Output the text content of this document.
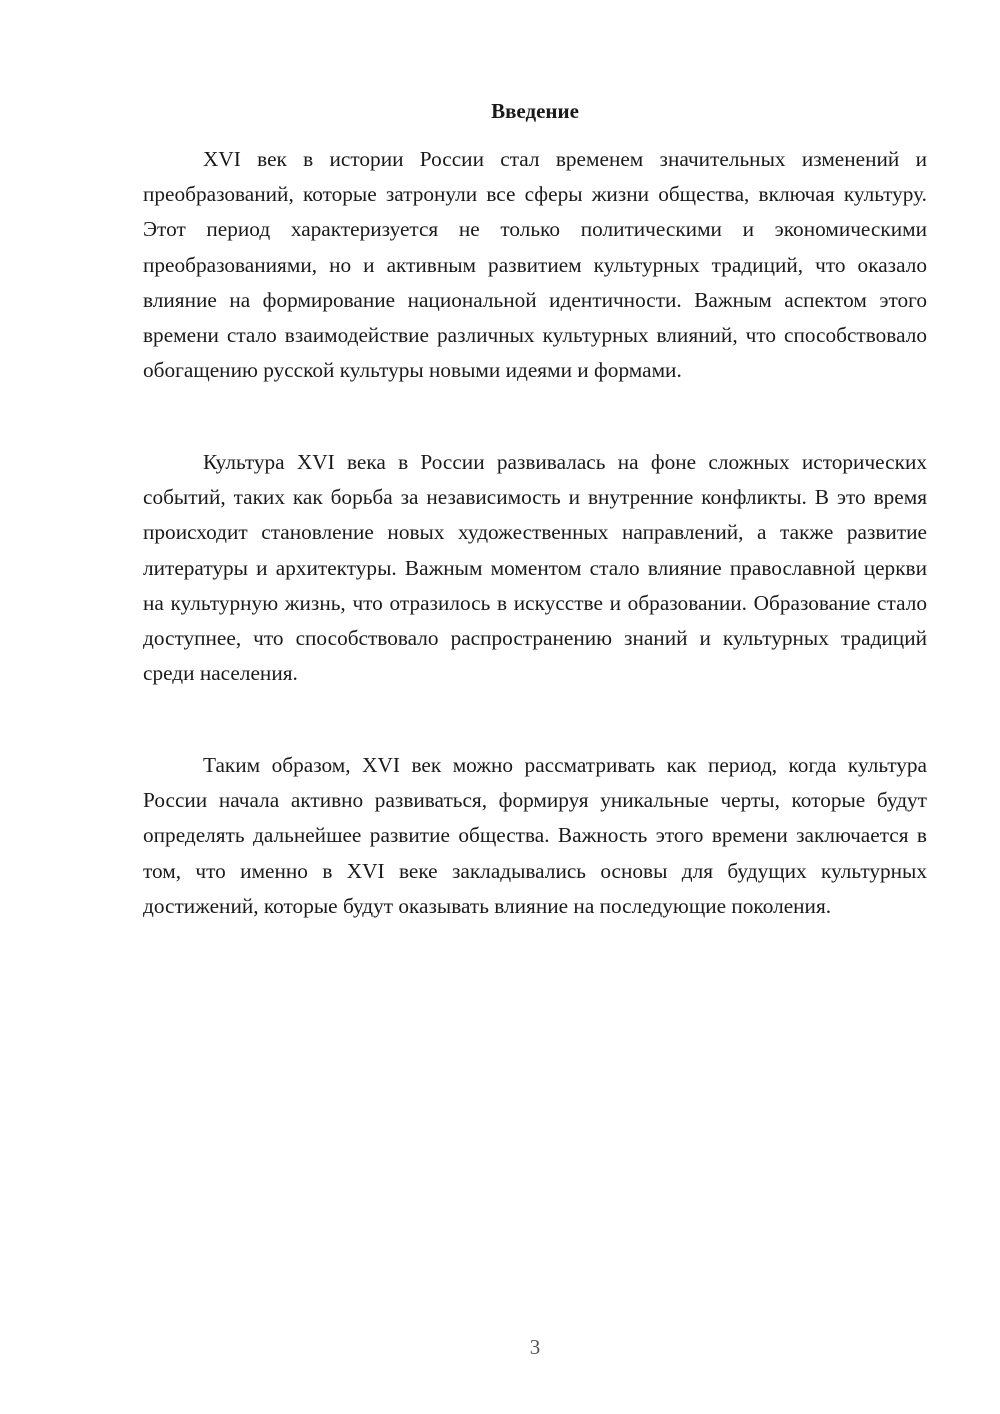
Введение

XVI век в истории России стал временем значительных изменений и преобразований, которые затронули все сферы жизни общества, включая культуру. Этот период характеризуется не только политическими и экономическими преобразованиями, но и активным развитием культурных традиций, что оказало влияние на формирование национальной идентичности. Важным аспектом этого времени стало взаимодействие различных культурных влияний, что способствовало обогащению русской культуры новыми идеями и формами.

Культура XVI века в России развивалась на фоне сложных исторических событий, таких как борьба за независимость и внутренние конфликты. В это время происходит становление новых художественных направлений, а также развитие литературы и архитектуры. Важным моментом стало влияние православной церкви на культурную жизнь, что отразилось в искусстве и образовании. Образование стало доступнее, что способствовало распространению знаний и культурных традиций среди населения.

Таким образом, XVI век можно рассматривать как период, когда культура России начала активно развиваться, формируя уникальные черты, которые будут определять дальнейшее развитие общества. Важность этого времени заключается в том, что именно в XVI веке закладывались основы для будущих культурных достижений, которые будут оказывать влияние на последующие поколения.

3
